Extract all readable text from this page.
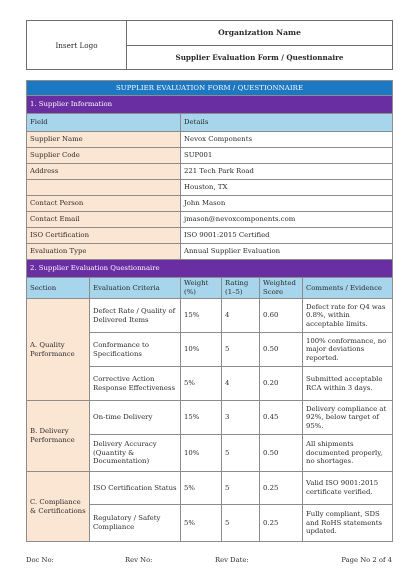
Insert Logo	Organization Name
Supplier Evaluation Form / Questionnaire
SUPPLIER EVALUATION FORM / QUESTIONNAIRE					
1. Supplier Information					
Field		Details			
Supplier Name		Nevox Components			
Supplier Code		SUP001			
Address		221 Tech Park Road			
		Houston, TX			
Contact Person		John Mason			
Contact Email		jmason@nevoxcomponents.com			
ISO Certification		ISO 9001:2015 Certified			
Evaluation Type		Annual Supplier Evaluation			
2. Supplier Evaluation Questionnaire					
Section	Evaluation Criteria	Weight (%)	Rating (1–5)	Weighted Score	Comments / Evidence
A. Quality Performance	Defect Rate / Quality of Delivered Items	15%	4	0.60	Defect rate for Q4 was 0.8%, within acceptable limits.
	Conformance to Specifications	10%	5	0.50	100% conformance, no major deviations reported.
	Corrective Action Response Effectiveness	5%	4	0.20	Submitted acceptable RCA within 3 days.
B. Delivery Performance	On-time Delivery	15%	3	0.45	Delivery compliance at 92%, below target of 95%.
	Delivery Accuracy (Quantity & Documentation)	10%	5	0.50	All shipments documented properly, no shortages.
C. Compliance & Certifications	ISO Certification Status	5%	5	0.25	Valid ISO 9001:2015 certificate verified.
	Regulatory / Safety Compliance	5%	5	0.25	Fully compliant, SDS and RoHS statements updated.
Doc No:	Rev No:	Rev Date:	Page No 2 of 4
